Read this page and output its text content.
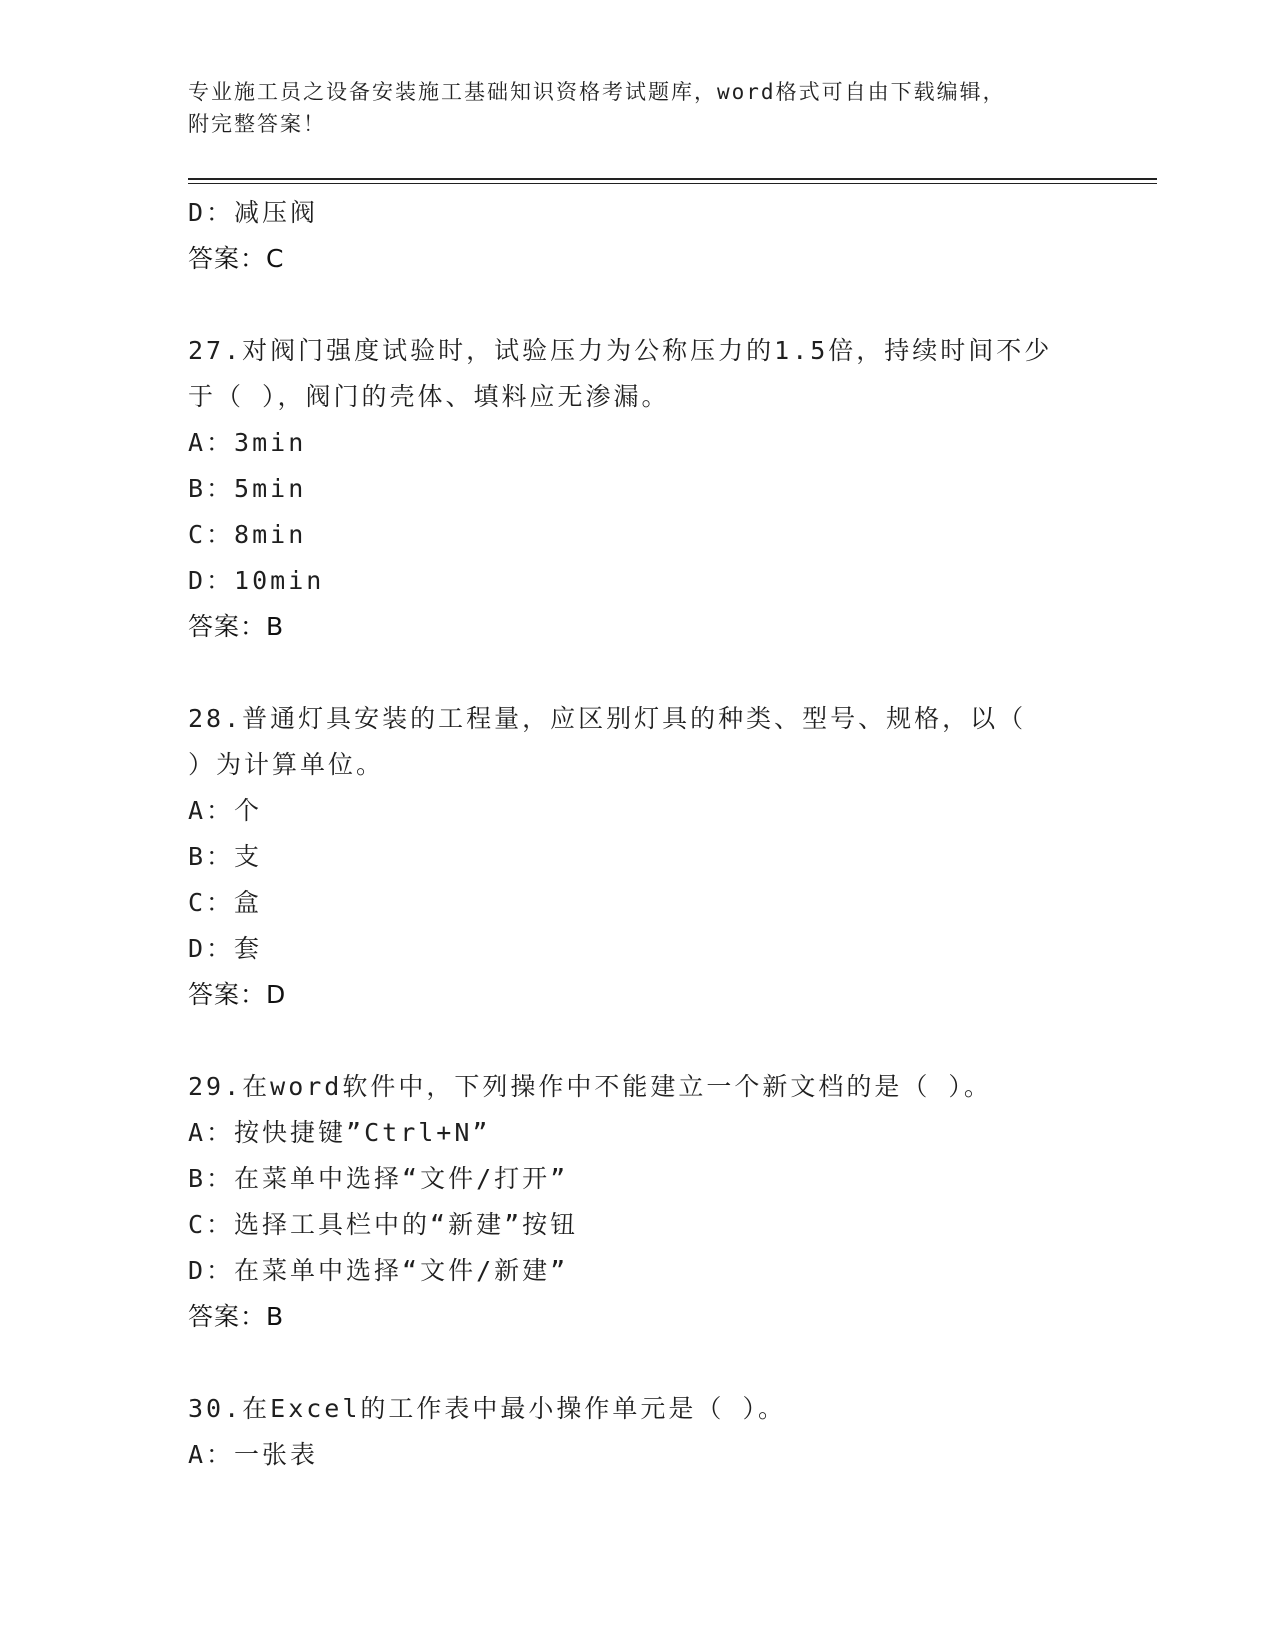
专业施工员之设备安装施工基础知识资格考试题库，word格式可自由下载编辑，
附完整答案！
D：减压阀
答案：C
27.对阀门强度试验时，试验压力为公称压力的1.5倍，持续时间不少
于（ ），阀门的壳体、填料应无渗漏。
A：3min
B：5min
C：8min
D：10min
答案：B
28.普通灯具安装的工程量，应区别灯具的种类、型号、规格，以（
）为计算单位。
A：个
B：支
C：盒
D：套
答案：D
29.在word软件中，下列操作中不能建立一个新文档的是（ ）。
A：按快捷键”Ctrl+N”
B：在菜单中选择“文件/打开”
C：选择工具栏中的“新建”按钮
D：在菜单中选择“文件/新建”
答案：B
30.在Excel的工作表中最小操作单元是（ ）。
A：一张表
